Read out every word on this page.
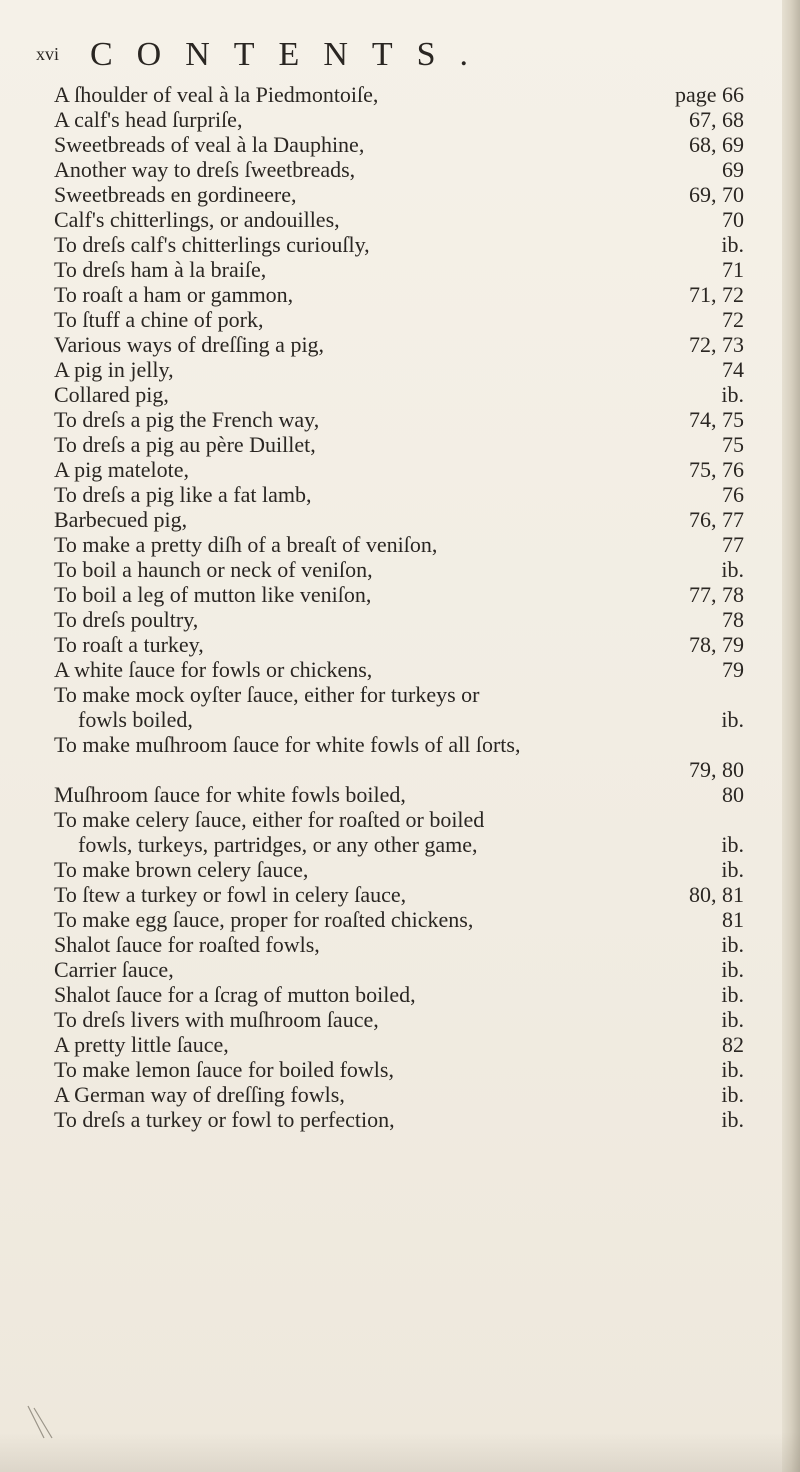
xvi CONTENTS.
A ſhoulder of veal à la Piedmontoiſe,	page 66
A calf's head ſurpriſe,	67, 68
Sweetbreads of veal à la Dauphine,	68, 69
Another way to dreſs ſweetbreads,	69
Sweetbreads en gordineere,	69, 70
Calf's chitterlings, or andouilles,	70
To dreſs calf's chitterlings curiouſly,	ib.
To dreſs ham à la braiſe,	71
To roaſt a ham or gammon,	71, 72
To ſtuff a chine of pork,	72
Various ways of dreſſing a pig,	72, 73
A pig in jelly,	74
Collared pig,	ib.
To dreſs a pig the French way,	74, 75
To dreſs a pig au père Duillet,	75
A pig matelote,	75, 76
To dreſs a pig like a fat lamb,	76
Barbecued pig,	76, 77
To make a pretty diſh of a breaſt of veniſon,	77
To boil a haunch or neck of veniſon,	ib.
To boil a leg of mutton like veniſon,	77, 78
To dreſs poultry,	78
To roaſt a turkey,	78, 79
A white ſauce for fowls or chickens,	79
To make mock oyſter ſauce, either for turkeys or
fowls boiled,	ib.
To make muſhroom ſauce for white fowls of all ſorts,
79, 80
Muſhroom ſauce for white fowls boiled,	80
To make celery ſauce, either for roaſted or boiled
fowls, turkeys, partridges, or any other game,	ib.
To make brown celery ſauce,	ib.
To ſtew a turkey or fowl in celery ſauce,	80, 81
To make egg ſauce, proper for roaſted chickens,	81
Shalot ſauce for roaſted fowls,	ib.
Carrier ſauce,	ib.
Shalot ſauce for a ſcrag of mutton boiled,	ib.
To dreſs livers with muſhroom ſauce,	ib.
A pretty little ſauce,	82
To make lemon ſauce for boiled fowls,	ib.
A German way of dreſſing fowls,	ib.
To dreſs a turkey or fowl to perfection,	ib.
